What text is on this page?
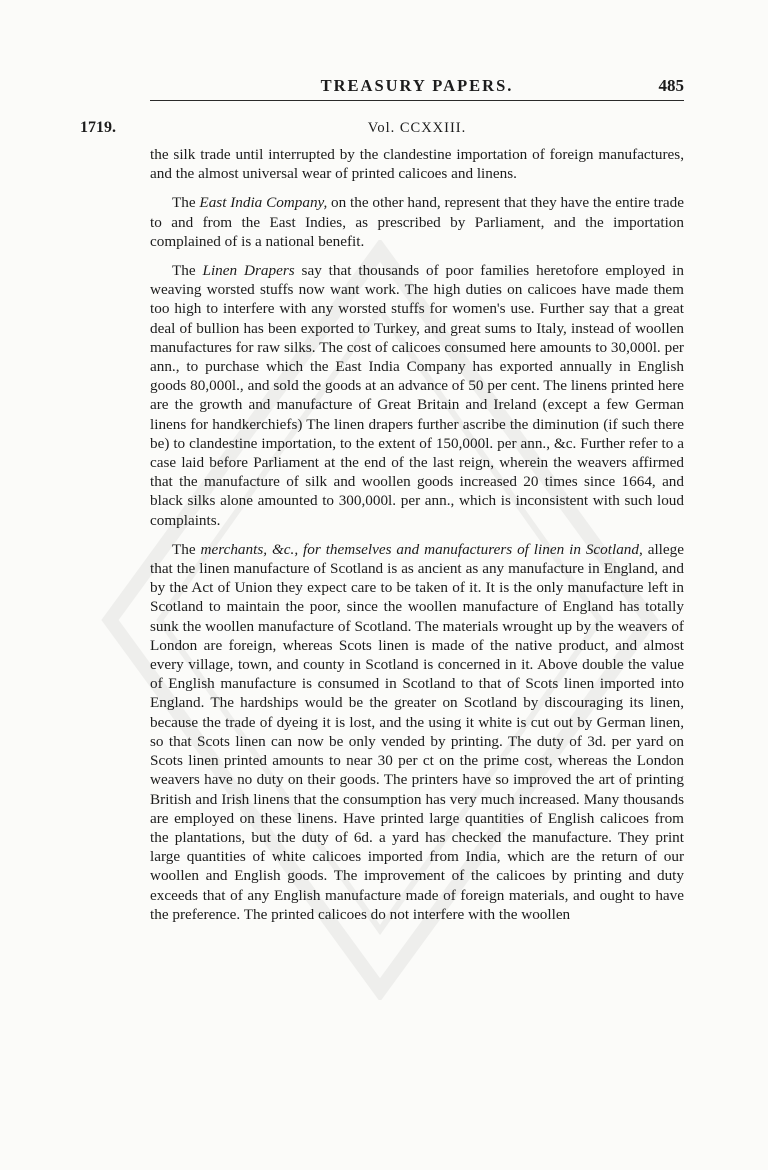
TREASURY PAPERS.	485
1719.	Vol. CCXXIII.

the silk trade until interrupted by the clandestine importation of foreign manufactures, and the almost universal wear of printed calicoes and linens.

The East India Company, on the other hand, represent that they have the entire trade to and from the East Indies, as prescribed by Parliament, and the importation complained of is a national benefit.

The Linen Drapers say that thousands of poor families heretofore employed in weaving worsted stuffs now want work. The high duties on calicoes have made them too high to interfere with any worsted stuffs for women's use. Further say that a great deal of bullion has been exported to Turkey, and great sums to Italy, instead of woollen manufactures for raw silks. The cost of calicoes consumed here amounts to 30,000l. per ann., to purchase which the East India Company has exported annually in English goods 80,000l., and sold the goods at an advance of 50 per cent. The linens printed here are the growth and manufacture of Great Britain and Ireland (except a few German linens for handkerchiefs) The linen drapers further ascribe the diminution (if such there be) to clandestine importation, to the extent of 150,000l. per ann., &c. Further refer to a case laid before Parliament at the end of the last reign, wherein the weavers affirmed that the manufacture of silk and woollen goods increased 20 times since 1664, and black silks alone amounted to 300,000l. per ann., which is inconsistent with such loud complaints.

The merchants, &c., for themselves and manufacturers of linen in Scotland, allege that the linen manufacture of Scotland is as ancient as any manufacture in England, and by the Act of Union they expect care to be taken of it. It is the only manufacture left in Scotland to maintain the poor, since the woollen manufacture of England has totally sunk the woollen manufacture of Scotland. The materials wrought up by the weavers of London are foreign, whereas Scots linen is made of the native product, and almost every village, town, and county in Scotland is concerned in it. Above double the value of English manufacture is consumed in Scotland to that of Scots linen imported into England. The hardships would be the greater on Scotland by discouraging its linen, because the trade of dyeing it is lost, and the using it white is cut out by German linen, so that Scots linen can now be only vended by printing. The duty of 3d. per yard on Scots linen printed amounts to near 30 per ct on the prime cost, whereas the London weavers have no duty on their goods. The printers have so improved the art of printing British and Irish linens that the consumption has very much increased. Many thousands are employed on these linens. Have printed large quantities of English calicoes from the plantations, but the duty of 6d. a yard has checked the manufacture. They print large quantities of white calicoes imported from India, which are the return of our woollen and English goods. The improvement of the calicoes by printing and duty exceeds that of any English manufacture made of foreign materials, and ought to have the preference. The printed calicoes do not interfere with the woollen
